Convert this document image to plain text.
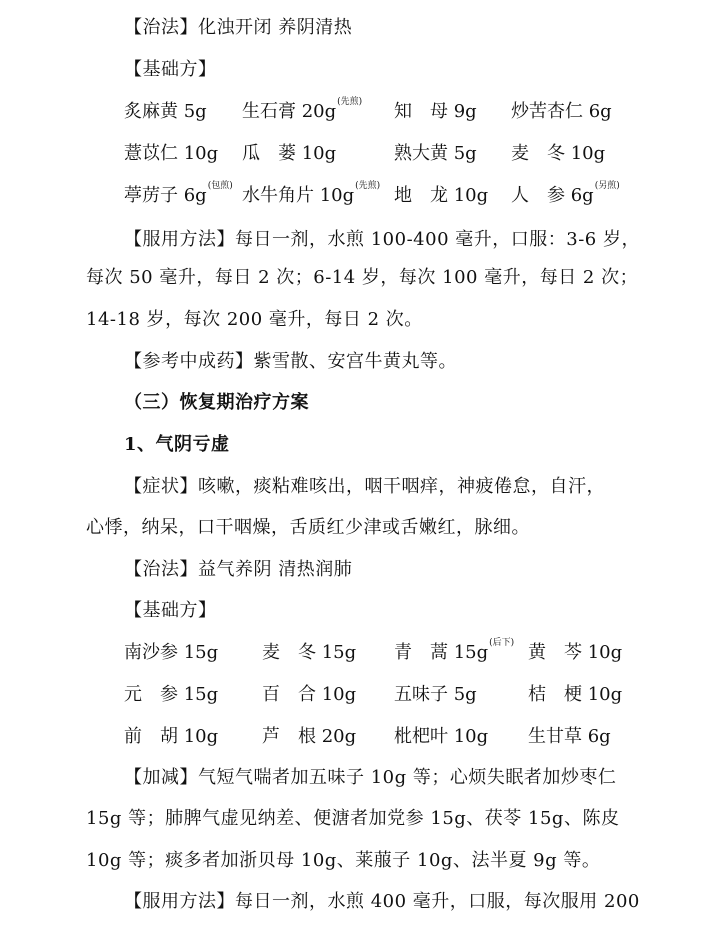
【治法】化浊开闭 养阴清热
【基础方】
炙麻黄 5g 生石膏 20g$^{(先煎)}$ 知　母 9g 炒苦杏仁 6g
薏苡仁 10g 瓜　蒌 10g	熟大黄 5g 麦　冬 10g
葶苈子 6g$^{(包煎)}$ 水牛角片 10g$^{(先煎)}$ 地　龙 10g 人　参 6g$^{(另煎)}$
【服用方法】每日一剂，水煎 100-400 毫升，口服：3-6 岁，
每次 50 毫升，每日 2 次；6-14 岁，每次 100 毫升，每日 2 次；
14-18 岁，每次 200 毫升，每日 2 次。
【参考中成药】紫雪散、安宫牛黄丸等。
（三）恢复期治疗方案
1、气阴亏虚
【症状】咳嗽，痰粘难咳出，咽干咽痒，神疲倦怠，自汗，
心悸，纳呆，口干咽燥，舌质红少津或舌嫩红，脉细。
【治法】益气养阴 清热润肺
【基础方】
南沙参 15g 麦　冬 15g 青　蒿 15g$^{(后下)}$ 黄　芩 10g
元　参 15g 百　合 10g 五味子 5g	桔　梗 10g
前　胡 10g 芦　根 20g 枇杷叶 10g 生甘草 6g
【加减】气短气喘者加五味子 10g 等；心烦失眠者加炒枣仁
15g 等；肺脾气虚见纳差、便溏者加党参 15g、茯苓 15g、陈皮
10g 等；痰多者加浙贝母 10g、莱菔子 10g、法半夏 9g 等。
【服用方法】每日一剂，水煎 400 毫升，口服，每次服用 200
